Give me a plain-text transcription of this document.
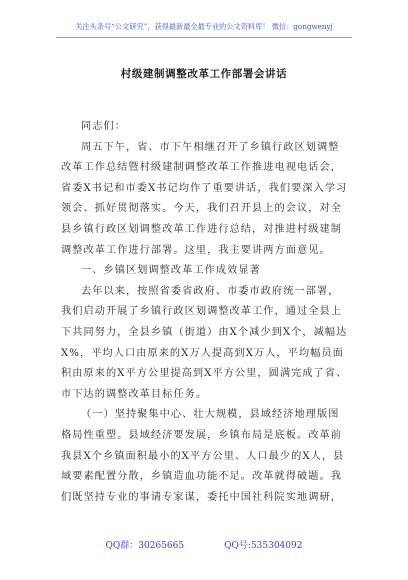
关注头条号“公文研究”，获得最新最全最专业的公文资料库！ 微信：gongwenyj
村级建制调整改革工作部署会讲话
同志们：
周五下午，省、市下午相继召开了乡镇行政区划调整
改革工作总结暨村级建制调整改革工作推进电视电话会，
省委X书记和市委X书记均作了重要讲话，我们要深入学习
领会、抓好贯彻落实。今天，我们召开县上的会议，对全
县乡镇行政区划调整改革工作进行总结，对推进村级建制
调整改革工作进行部署。这里，我主要讲两方面意见。
一、乡镇区划调整改革工作成效显著
去年以来，按照省委省政府、市委市政府统一部署，
我们启动开展了乡镇行政区划调整改革工作，通过全县上
下共同努力，全县乡镇（街道）由X个减少到X个，减幅达
X%，平均人口由原来的X万人提高到X万人，平均幅员面
积由原来的X平方公里提高到X平方公里，圆满完成了省、
市下达的调整改革目标任务。
（一）坚持聚集中心、壮大规模，县域经济地理版图
格局性重塑。县域经济要发展，乡镇布局是底板。改革前
我县X个乡镇面积最小的X平方公里、人口最少的X人，县
域要素配置分散，乡镇造血功能不足。改革就得破题。我
们既坚持专业的事请专家谋，委托中国社科院实地调研，
QQ群：30265665	QQ号:535304092
